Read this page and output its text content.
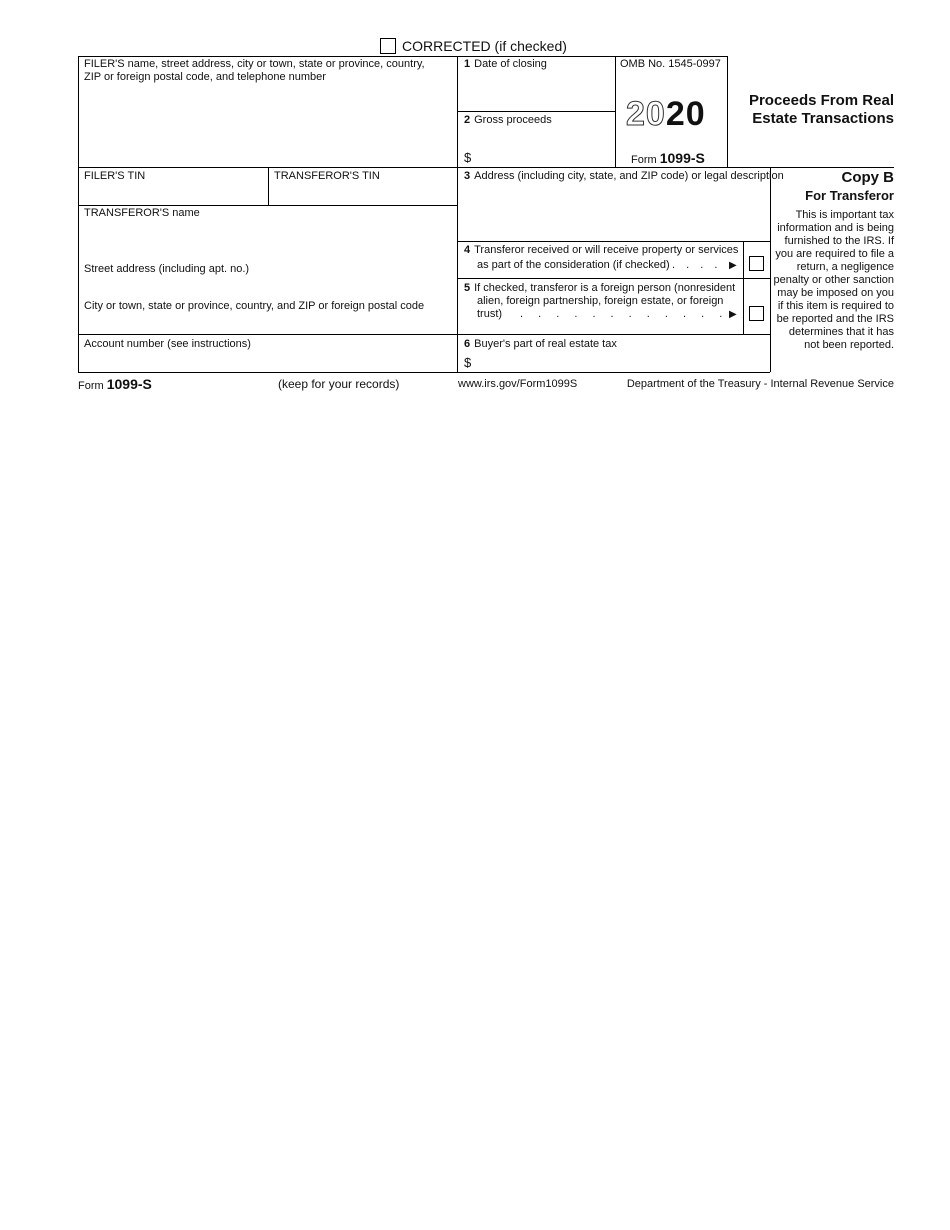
CORRECTED (if checked)
FILER'S name, street address, city or town, state or province, country, ZIP or foreign postal code, and telephone number
1 Date of closing
2 Gross proceeds
$
OMB No. 1545-0997
2020
Form 1099-S
Proceeds From Real
Estate Transactions
FILER'S TIN	TRANSFEROR'S TIN	3 Address (including city, state, and ZIP code) or legal description
TRANSFEROR'S name
Street address (including apt. no.)
City or town, state or province, country, and ZIP or foreign postal code
4 Transferor received or will receive property or services
as part of the consideration (if checked) . . . . ▶
5 If checked, transferor is a foreign person (nonresident
alien, foreign partnership, foreign estate, or foreign
trust) . . . . . . . . . . . . ▶
Account number (see instructions)	6 Buyer's part of real estate tax
$
Copy B
For Transferor
This is important tax information and is being furnished to the IRS. If you are required to file a return, a negligence penalty or other sanction may be imposed on you if this item is required to be reported and the IRS determines that it has not been reported.
Form 1099-S	(keep for your records)	www.irs.gov/Form1099S	Department of the Treasury - Internal Revenue Service
